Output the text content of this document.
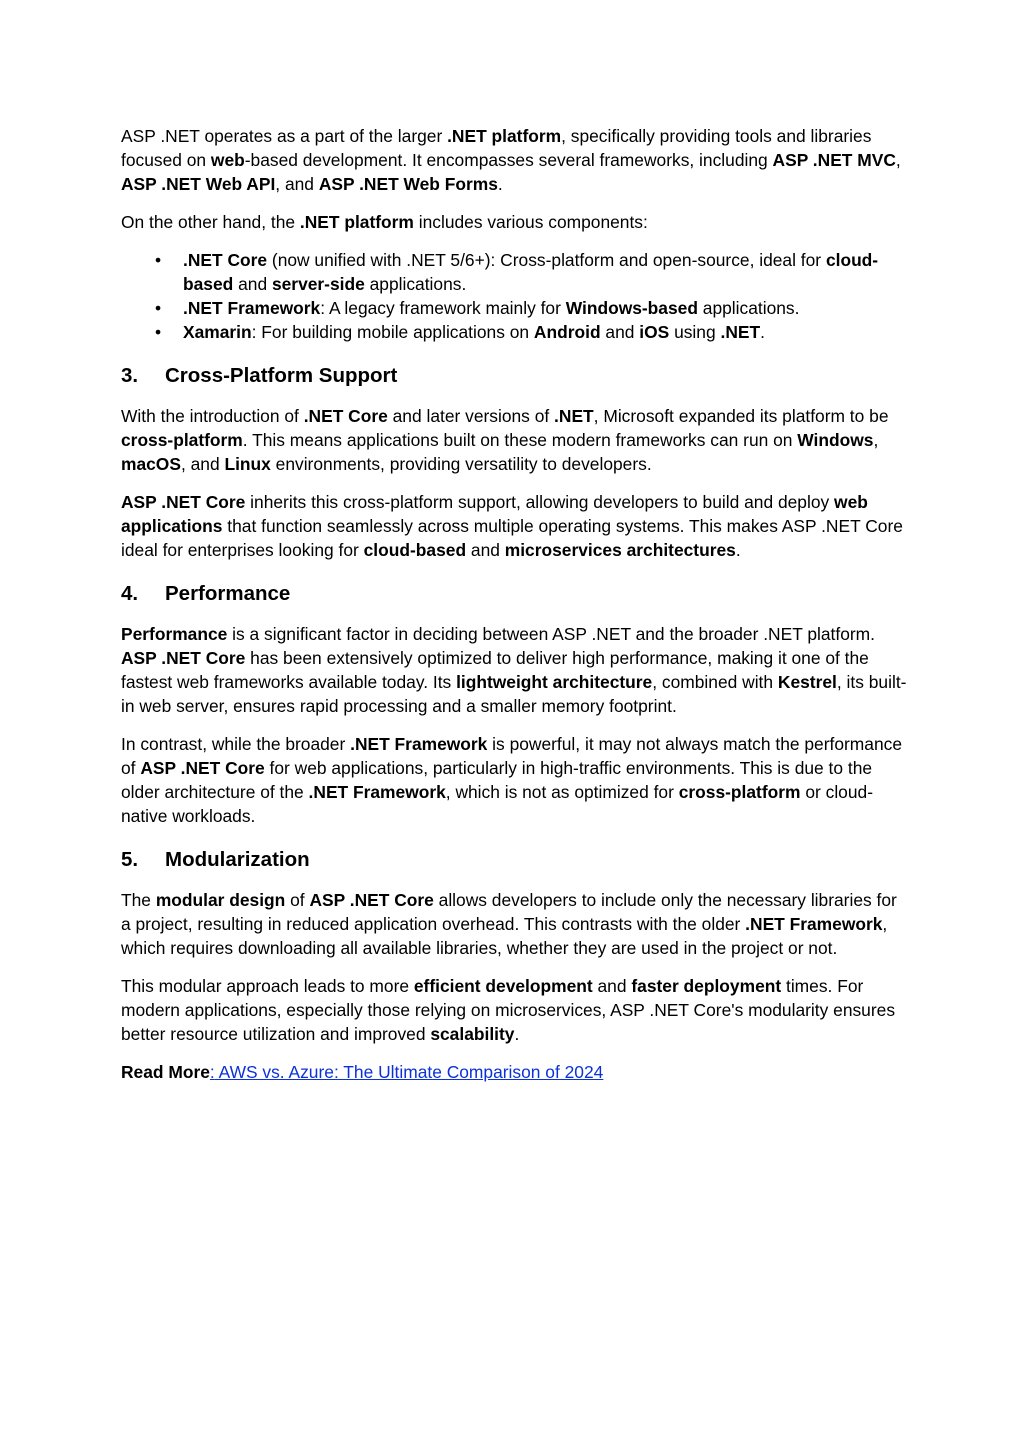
ASP .NET operates as a part of the larger .NET platform, specifically providing tools and libraries focused on web-based development. It encompasses several frameworks, including ASP .NET MVC, ASP .NET Web API, and ASP .NET Web Forms.

On the other hand, the .NET platform includes various components:

• .NET Core (now unified with .NET 5/6+): Cross-platform and open-source, ideal for cloud-based and server-side applications.
• .NET Framework: A legacy framework mainly for Windows-based applications.
• Xamarin: For building mobile applications on Android and iOS using .NET.
3. Cross-Platform Support

With the introduction of .NET Core and later versions of .NET, Microsoft expanded its platform to be cross-platform. This means applications built on these modern frameworks can run on Windows, macOS, and Linux environments, providing versatility to developers.

ASP .NET Core inherits this cross-platform support, allowing developers to build and deploy web applications that function seamlessly across multiple operating systems. This makes ASP .NET Core ideal for enterprises looking for cloud-based and microservices architectures.

4. Performance

Performance is a significant factor in deciding between ASP .NET and the broader .NET platform. ASP .NET Core has been extensively optimized to deliver high performance, making it one of the fastest web frameworks available today. Its lightweight architecture, combined with Kestrel, its built-in web server, ensures rapid processing and a smaller memory footprint.

In contrast, while the broader .NET Framework is powerful, it may not always match the performance of ASP .NET Core for web applications, particularly in high-traffic environments. This is due to the older architecture of the .NET Framework, which is not as optimized for cross-platform or cloud-native workloads.

5. Modularization

The modular design of ASP .NET Core allows developers to include only the necessary libraries for a project, resulting in reduced application overhead. This contrasts with the older .NET Framework, which requires downloading all available libraries, whether they are used in the project or not.

This modular approach leads to more efficient development and faster deployment times. For modern applications, especially those relying on microservices, ASP .NET Core's modularity ensures better resource utilization and improved scalability.

Read More: AWS vs. Azure: The Ultimate Comparison of 2024
